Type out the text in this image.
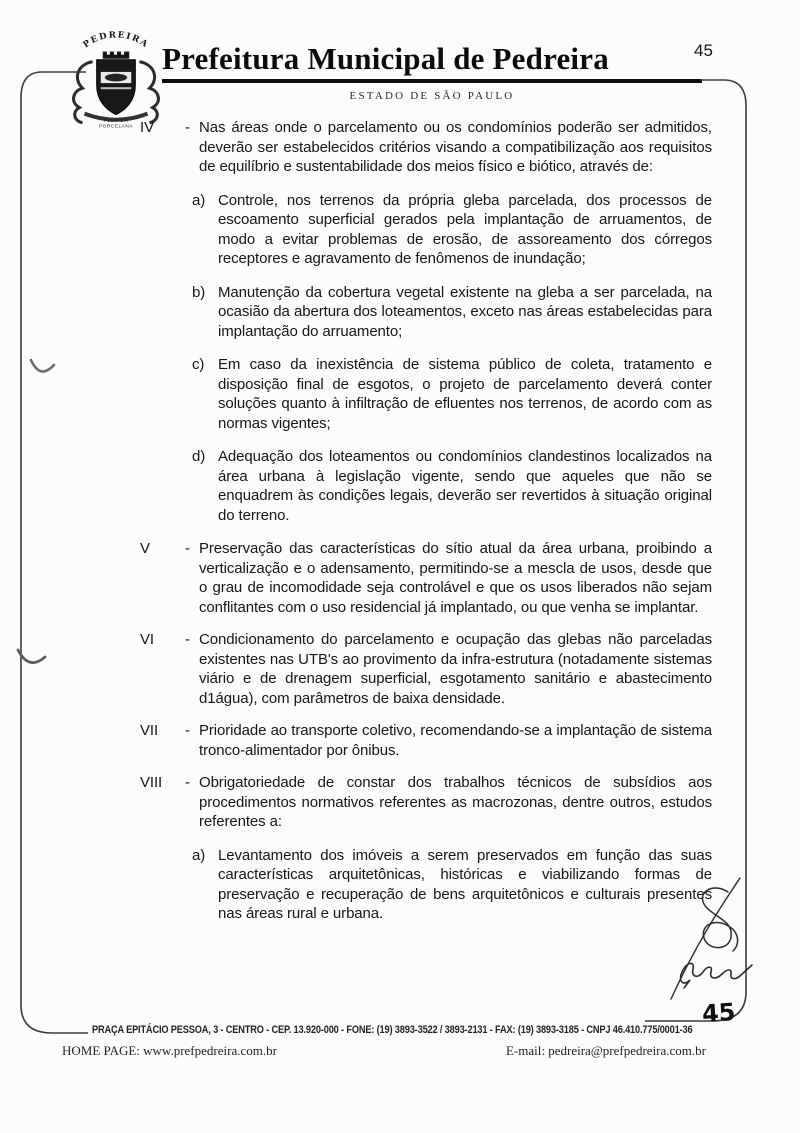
PEDREIRA
FLOR DA
PORCELANA
Prefeitura Municipal de Pedreira
ESTADO DE SÃO PAULO
45
IV	- Nas áreas onde o parcelamento ou os condomínios poderão ser admitidos, deverão ser estabelecidos critérios visando a compatibilização aos requisitos de equilíbrio e sustentabilidade dos meios físico e biótico, através de:
a) Controle, nos terrenos da própria gleba parcelada, dos processos de escoamento superficial gerados pela implantação de arruamentos, de modo a evitar problemas de erosão, de assoreamento dos córregos receptores e agravamento de fenômenos de inundação;
b) Manutenção da cobertura vegetal existente na gleba a ser parcelada, na ocasião da abertura dos loteamentos, exceto nas áreas estabelecidas para implantação do arruamento;
c) Em caso da inexistência de sistema público de coleta, tratamento e disposição final de esgotos, o projeto de parcelamento deverá conter soluções quanto à infiltração de efluentes nos terrenos, de acordo com as normas vigentes;
d) Adequação dos loteamentos ou condomínios clandestinos localizados na área urbana à legislação vigente, sendo que aqueles que não se enquadrem às condições legais, deverão ser revertidos à situação original do terreno.
V	- Preservação das características do sítio atual da área urbana, proibindo a verticalização e o adensamento, permitindo-se a mescla de usos, desde que o grau de incomodidade seja controlável e que os usos liberados não sejam conflitantes com o uso residencial já implantado, ou que venha se implantar.
VI	- Condicionamento do parcelamento e ocupação das glebas não parceladas existentes nas UTB's ao provimento da infra-estrutura (notadamente sistemas viário e de drenagem superficial, esgotamento sanitário e abastecimento d1água), com parâmetros de baixa densidade.
VII	- Prioridade ao transporte coletivo, recomendando-se a implantação de sistema tronco-alimentador por ônibus.
VIII	- Obrigatoriedade de constar dos trabalhos técnicos de subsídios aos procedimentos normativos referentes as macrozonas, dentre outros, estudos referentes a:
a) Levantamento dos imóveis a serem preservados em função das suas características arquitetônicas, históricas e viabilizando formas de preservação e recuperação de bens arquitetônicos e culturais presentes nas áreas rural e urbana.
PRAÇA EPITÁCIO PESSOA, 3 - CENTRO - CEP. 13.920-000 - FONE: (19) 3893-3522 / 3893-2131 - FAX: (19) 3893-3185 - CNPJ 46.410.775/0001-36
HOME PAGE: www.prefpedreira.com.br	E-mail: pedreira@prefpedreira.com.br
45
